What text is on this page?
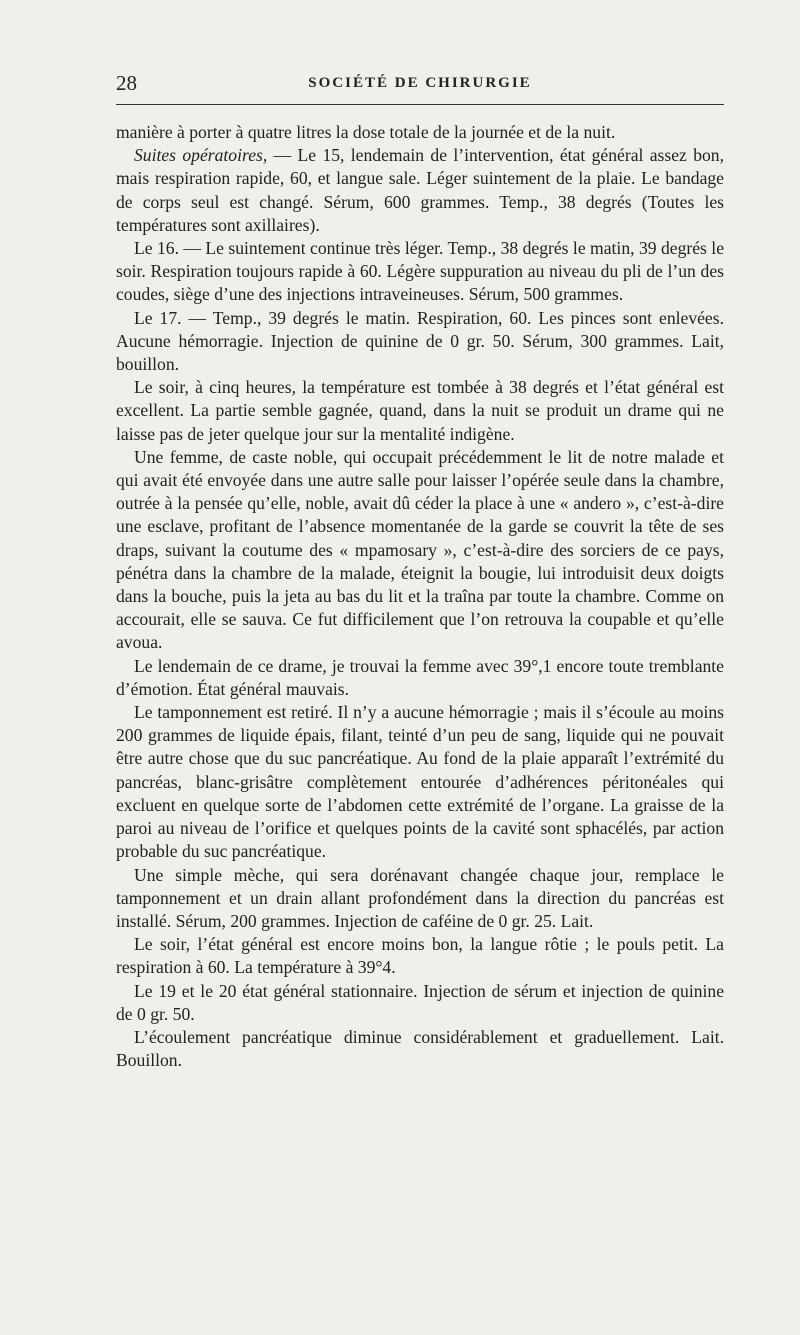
28	SOCIÉTÉ DE CHIRURGIE

manière à porter à quatre litres la dose totale de la journée et de la nuit.

Suites opératoires, — Le 15, lendemain de l’intervention, état général assez bon, mais respiration rapide, 60, et langue sale. Léger suintement de la plaie. Le bandage de corps seul est changé. Sérum, 600 grammes. Temp., 38 degrés (Toutes les températures sont axillaires).

Le 16. — Le suintement continue très léger. Temp., 38 degrés le matin, 39 degrés le soir. Respiration toujours rapide à 60. Légère suppuration au niveau du pli de l’un des coudes, siège d’une des injections intraveineuses. Sérum, 500 grammes.

Le 17. — Temp., 39 degrés le matin. Respiration, 60. Les pinces sont enlevées. Aucune hémorragie. Injection de quinine de 0 gr. 50. Sérum, 300 grammes. Lait, bouillon.

Le soir, à cinq heures, la température est tombée à 38 degrés et l’état général est excellent. La partie semble gagnée, quand, dans la nuit se produit un drame qui ne laisse pas de jeter quelque jour sur la mentalité indigène.

Une femme, de caste noble, qui occupait précédemment le lit de notre malade et qui avait été envoyée dans une autre salle pour laisser l’opérée seule dans la chambre, outrée à la pensée qu’elle, noble, avait dû céder la place à une « andero », c’est-à-dire une esclave, profitant de l’absence momentanée de la garde se couvrit la tête de ses draps, suivant la coutume des « mpamosary », c’est-à-dire des sorciers de ce pays, pénétra dans la chambre de la malade, éteignit la bougie, lui introduisit deux doigts dans la bouche, puis la jeta au bas du lit et la traîna par toute la chambre. Comme on accourait, elle se sauva. Ce fut difficilement que l’on retrouva la coupable et qu’elle avoua.

Le lendemain de ce drame, je trouvai la femme avec 39°,1 encore toute tremblante d’émotion. État général mauvais.

Le tamponnement est retiré. Il n’y a aucune hémorragie ; mais il s’écoule au moins 200 grammes de liquide épais, filant, teinté d’un peu de sang, liquide qui ne pouvait être autre chose que du suc pancréatique. Au fond de la plaie apparaît l’extrémité du pancréas, blanc-grisâtre complètement entourée d’adhérences péritonéales qui excluent en quelque sorte de l’abdomen cette extrémité de l’organe. La graisse de la paroi au niveau de l’orifice et quelques points de la cavité sont sphacélés, par action probable du suc pancréatique.

Une simple mèche, qui sera dorénavant changée chaque jour, remplace le tamponnement et un drain allant profondément dans la direction du pancréas est installé. Sérum, 200 grammes. Injection de caféine de 0 gr. 25. Lait.

Le soir, l’état général est encore moins bon, la langue rôtie ; le pouls petit. La respiration à 60. La température à 39°4.

Le 19 et le 20 état général stationnaire. Injection de sérum et injection de quinine de 0 gr. 50.

L’écoulement pancréatique diminue considérablement et graduellement. Lait. Bouillon.
